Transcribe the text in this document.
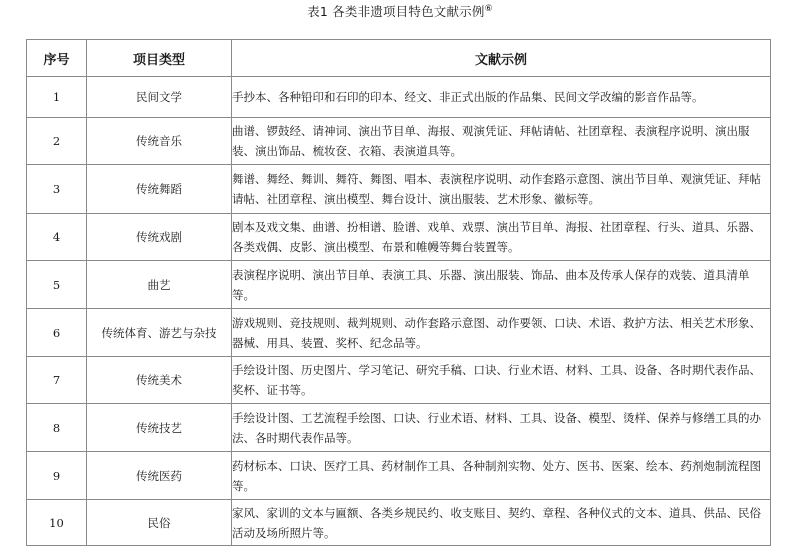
表1 各类非遗项目特色文献示例⑥
序号	项目类型	文献示例
1	民间文学	手抄本、各种铅印和石印的印本、经文、非正式出版的作品集、民间文学改编的影音作品等。
2	传统音乐	曲谱、锣鼓经、请神词、演出节目单、海报、观演凭证、拜帖请帖、社团章程、表演程序说明、演出服装、演出饰品、梳妆奁、衣箱、表演道具等。
3	传统舞蹈	舞谱、舞经、舞训、舞符、舞图、唱本、表演程序说明、动作套路示意图、演出节目单、观演凭证、拜帖请帖、社团章程、演出模型、舞台设计、演出服装、艺术形象、徽标等。
4	传统戏剧	剧本及戏文集、曲谱、扮相谱、脸谱、戏单、戏票、演出节目单、海报、社团章程、行头、道具、乐器、各类戏偶、皮影、演出模型、布景和帷幔等舞台装置等。
5	曲艺	表演程序说明、演出节目单、表演工具、乐器、演出服装、饰品、曲本及传承人保存的戏装、道具清单等。
6	传统体育、游艺与杂技	游戏规则、竞技规则、裁判规则、动作套路示意图、动作要领、口诀、术语、救护方法、相关艺术形象、器械、用具、装置、奖杯、纪念品等。
7	传统美术	手绘设计图、历史图片、学习笔记、研究手稿、口诀、行业术语、材料、工具、设备、各时期代表作品、奖杯、证书等。
8	传统技艺	手绘设计图、工艺流程手绘图、口诀、行业术语、材料、工具、设备、模型、烫样、保养与修缮工具的办法、各时期代表作品等。
9	传统医药	药材标本、口诀、医疗工具、药材制作工具、各种制剂实物、处方、医书、医案、绘本、药剂炮制流程图等。
10	民俗	家风、家训的文本与匾额、各类乡规民约、收支账目、契约、章程、各种仪式的文本、道具、供品、民俗活动及场所照片等。
